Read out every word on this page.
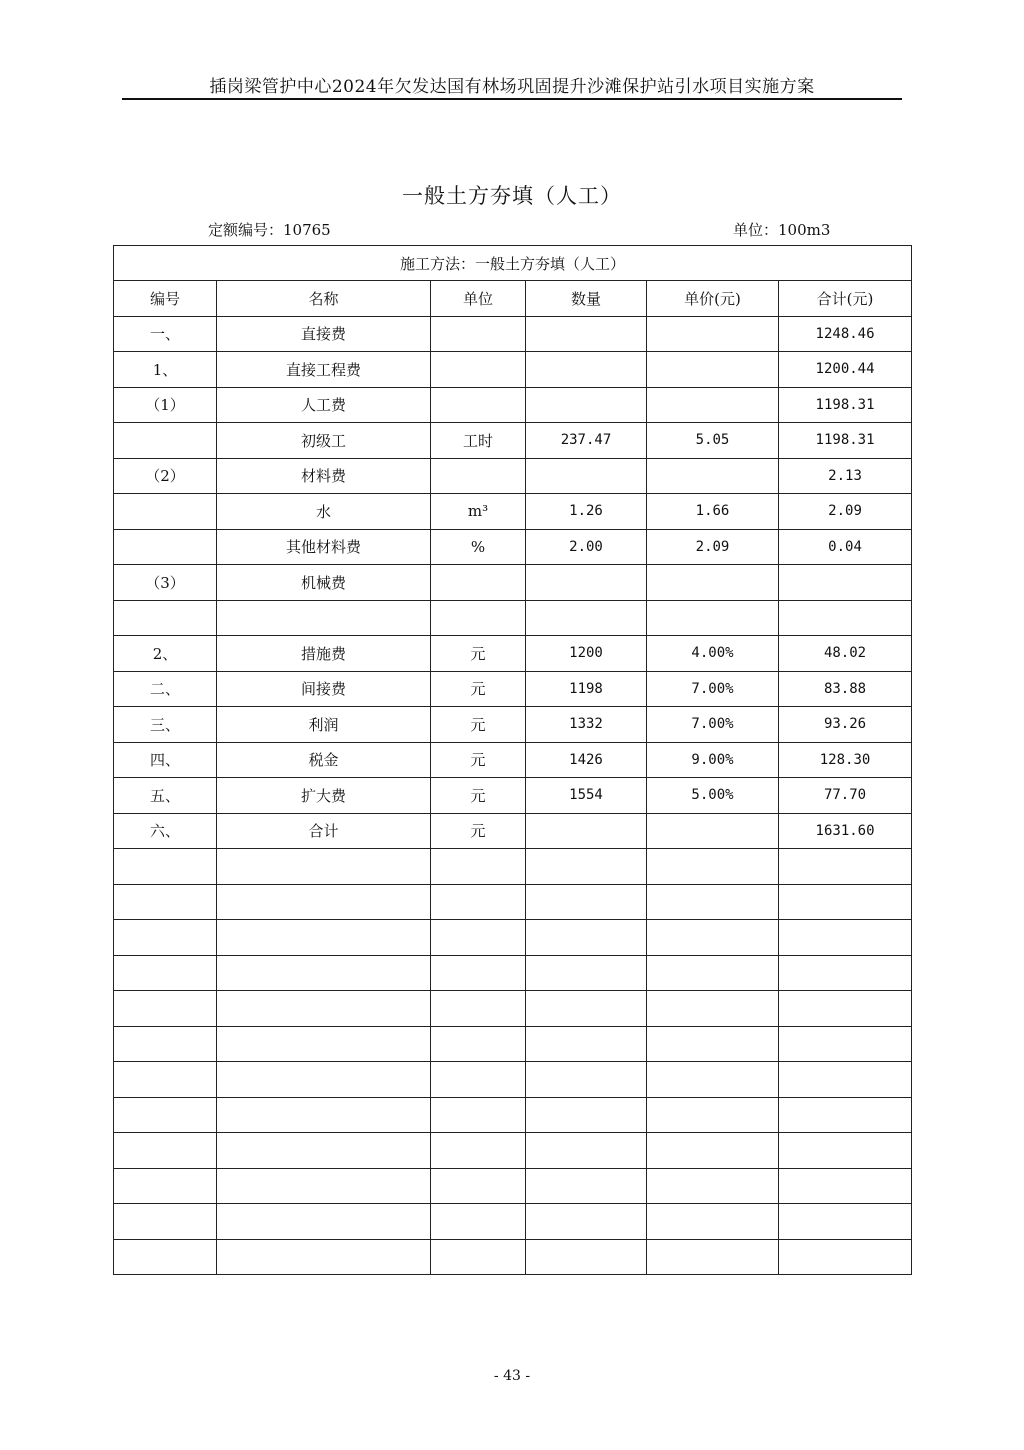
插岗梁管护中心2024年欠发达国有林场巩固提升沙滩保护站引水项目实施方案
一般土方夯填（人工）
定额编号：10765	单位：100m3
施工方法：一般土方夯填（人工）					
编号	名称	单位	数量	单价(元)	合计(元)
一、	直接费				1248.46
1、	直接工程费				1200.44
（1）	人工费				1198.31
	初级工	工时	237.47	5.05	1198.31
（2）	材料费				2.13
	水	m³	1.26	1.66	2.09
	其他材料费	%	2.00	2.09	0.04
（3）	机械费				

2、	措施费	元	1200	4.00%	48.02
二、	间接费	元	1198	7.00%	83.88
三、	利润	元	1332	7.00%	93.26
四、	税金	元	1426	9.00%	128.30
五、	扩大费	元	1554	5.00%	77.70
六、	合计	元			1631.60

- 43 -
